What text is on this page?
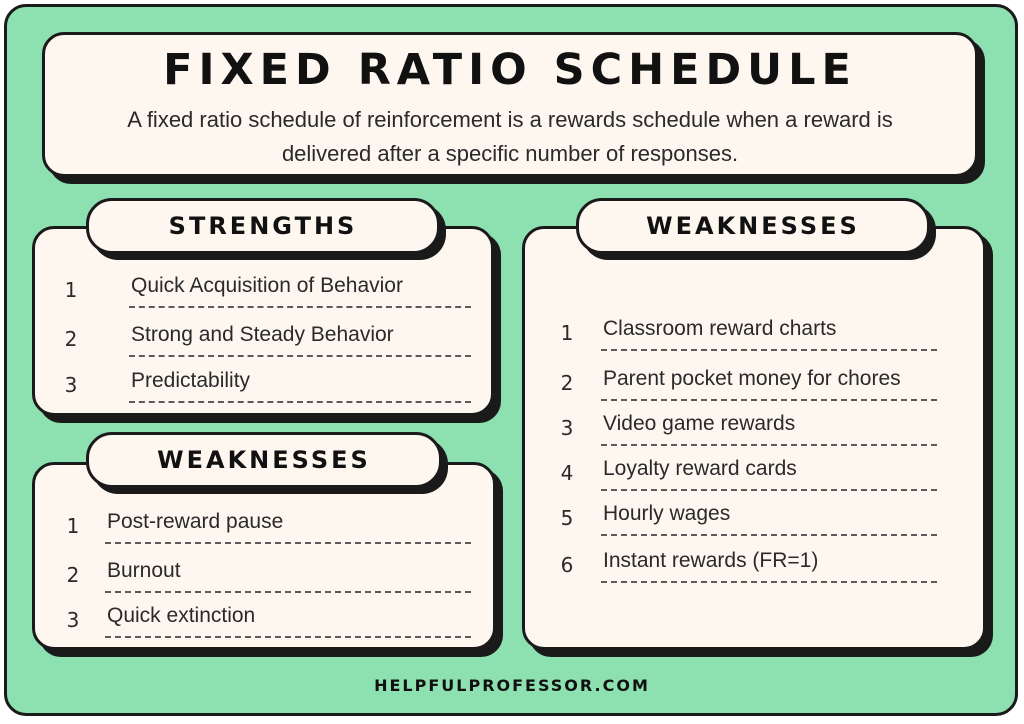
FIXED RATIO SCHEDULE
A fixed ratio schedule of reinforcement is a rewards schedule when a reward is delivered after a specific number of responses.
1	Quick Acquisition of Behavior
2	Strong and Steady Behavior
3	Predictability
STRENGTHS
1 Post-reward pause
2 Burnout
3 Quick extinction
WEAKNESSES
1 Classroom reward charts
2 Parent pocket money for chores
3 Video game rewards
4 Loyalty reward cards
5 Hourly wages
6 Instant rewards (FR=1)
WEAKNESSES
HELPFULPROFESSOR.COM
